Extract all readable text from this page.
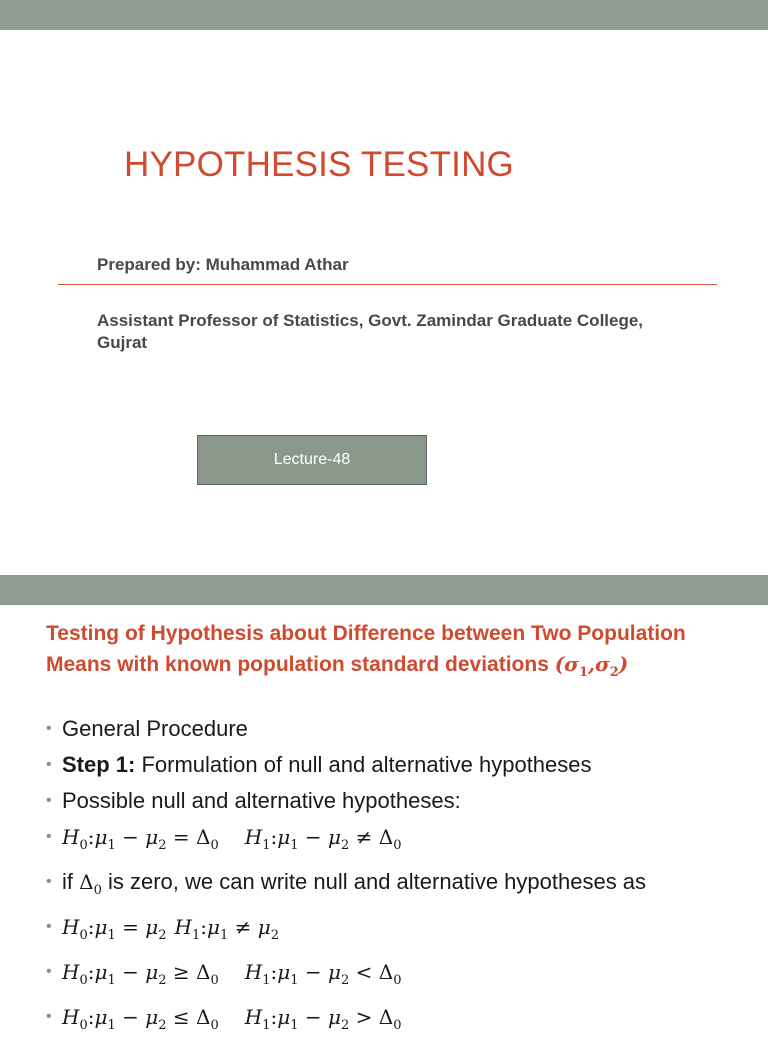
HYPOTHESIS TESTING
Prepared by: Muhammad Athar
Assistant Professor of Statistics, Govt. Zamindar Graduate College, Gujrat
Lecture-48
Testing of Hypothesis about Difference between Two Population Means with known population standard deviations $(\sigma_1,\sigma_2)$
• General Procedure
• Step 1: Formulation of null and alternative hypotheses
• Possible null and alternative hypotheses:
• $H_0:\mu_1 - \mu_2 = \Delta_0$ $H_1:\mu_1 - \mu_2 \ne \Delta_0$
• if $\Delta_0$ is zero, we can write null and alternative hypotheses as
• $H_0:\mu_1 = \mu_2$ $H_1:\mu_1 \ne \mu_2$
• $H_0:\mu_1 - \mu_2 \ge \Delta_0$ $H_1:\mu_1 - \mu_2 < \Delta_0$
• $H_0:\mu_1 - \mu_2 \le \Delta_0$ $H_1:\mu_1 - \mu_2 > \Delta_0$
